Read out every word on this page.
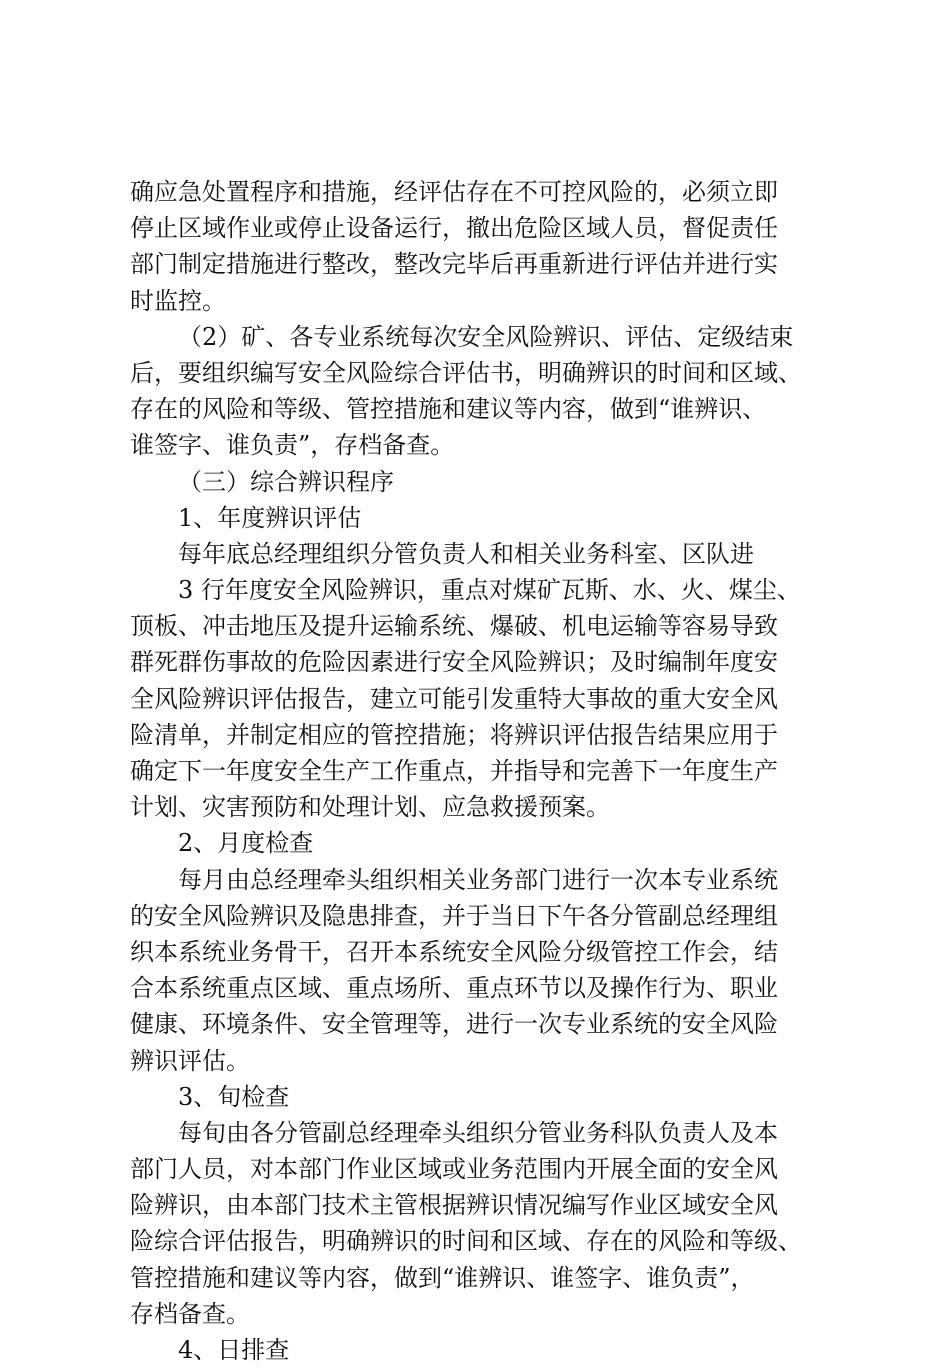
确应急处置程序和措施，经评估存在不可控风险的，必须立即
停止区域作业或停止设备运行，撤出危险区域人员，督促责任
部门制定措施进行整改，整改完毕后再重新进行评估并进行实
时监控。
（2）矿、各专业系统每次安全风险辨识、评估、定级结束
后，要组织编写安全风险综合评估书，明确辨识的时间和区域、
存在的风险和等级、管控措施和建议等内容，做到“谁辨识、
谁签字、谁负责”，存档备查。
（三）综合辨识程序
1、年度辨识评估
每年底总经理组织分管负责人和相关业务科室、区队进
3 行年度安全风险辨识，重点对煤矿瓦斯、水、火、煤尘、
顶板、冲击地压及提升运输系统、爆破、机电运输等容易导致
群死群伤事故的危险因素进行安全风险辨识；及时编制年度安
全风险辨识评估报告，建立可能引发重特大事故的重大安全风
险清单，并制定相应的管控措施；将辨识评估报告结果应用于
确定下一年度安全生产工作重点，并指导和完善下一年度生产
计划、灾害预防和处理计划、应急救援预案。
2、月度检查
每月由总经理牵头组织相关业务部门进行一次本专业系统
的安全风险辨识及隐患排查，并于当日下午各分管副总经理组
织本系统业务骨干，召开本系统安全风险分级管控工作会，结
合本系统重点区域、重点场所、重点环节以及操作行为、职业
健康、环境条件、安全管理等，进行一次专业系统的安全风险
辨识评估。
3、旬检查
每旬由各分管副总经理牵头组织分管业务科队负责人及本
部门人员，对本部门作业区域或业务范围内开展全面的安全风
险辨识，由本部门技术主管根据辨识情况编写作业区域安全风
险综合评估报告，明确辨识的时间和区域、存在的风险和等级、
管控措施和建议等内容，做到“谁辨识、谁签字、谁负责”，
存档备查。
4、日排查
